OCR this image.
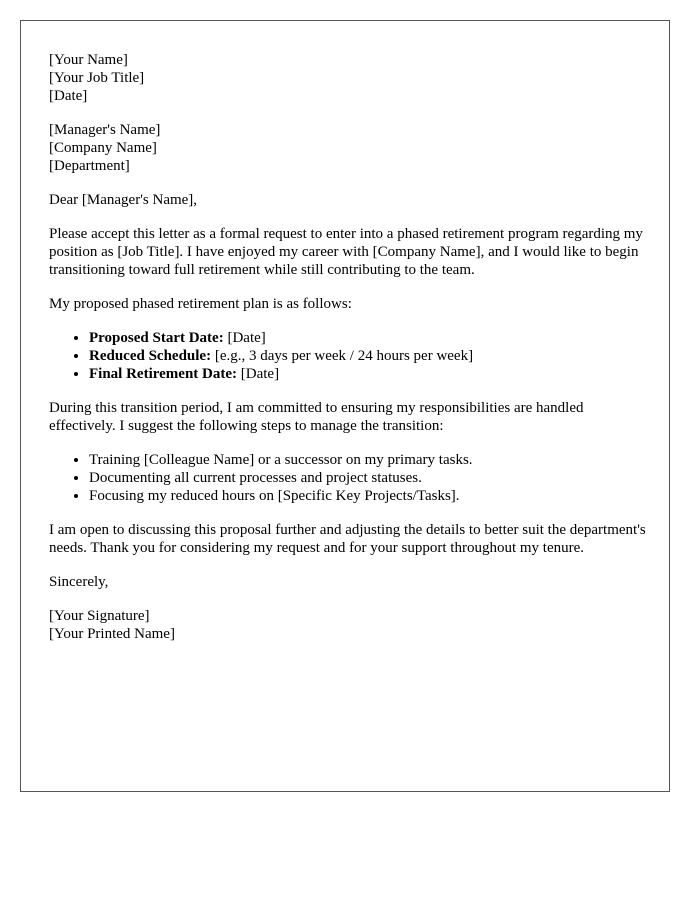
[Your Name]
[Your Job Title]
[Date]
[Manager's Name]
[Company Name]
[Department]

Dear [Manager's Name],

Please accept this letter as a formal request to enter into a phased retirement program regarding my position as [Job Title]. I have enjoyed my career with [Company Name], and I would like to begin transitioning toward full retirement while still contributing to the team.

My proposed phased retirement plan is as follows:

• Proposed Start Date: [Date]
• Reduced Schedule: [e.g., 3 days per week / 24 hours per week]
• Final Retirement Date: [Date]

During this transition period, I am committed to ensuring my responsibilities are handled effectively. I suggest the following steps to manage the transition:

• Training [Colleague Name] or a successor on my primary tasks.
• Documenting all current processes and project statuses.
• Focusing my reduced hours on [Specific Key Projects/Tasks].

I am open to discussing this proposal further and adjusting the details to better suit the department's needs. Thank you for considering my request and for your support throughout my tenure.

Sincerely,

[Your Signature]
[Your Printed Name]
